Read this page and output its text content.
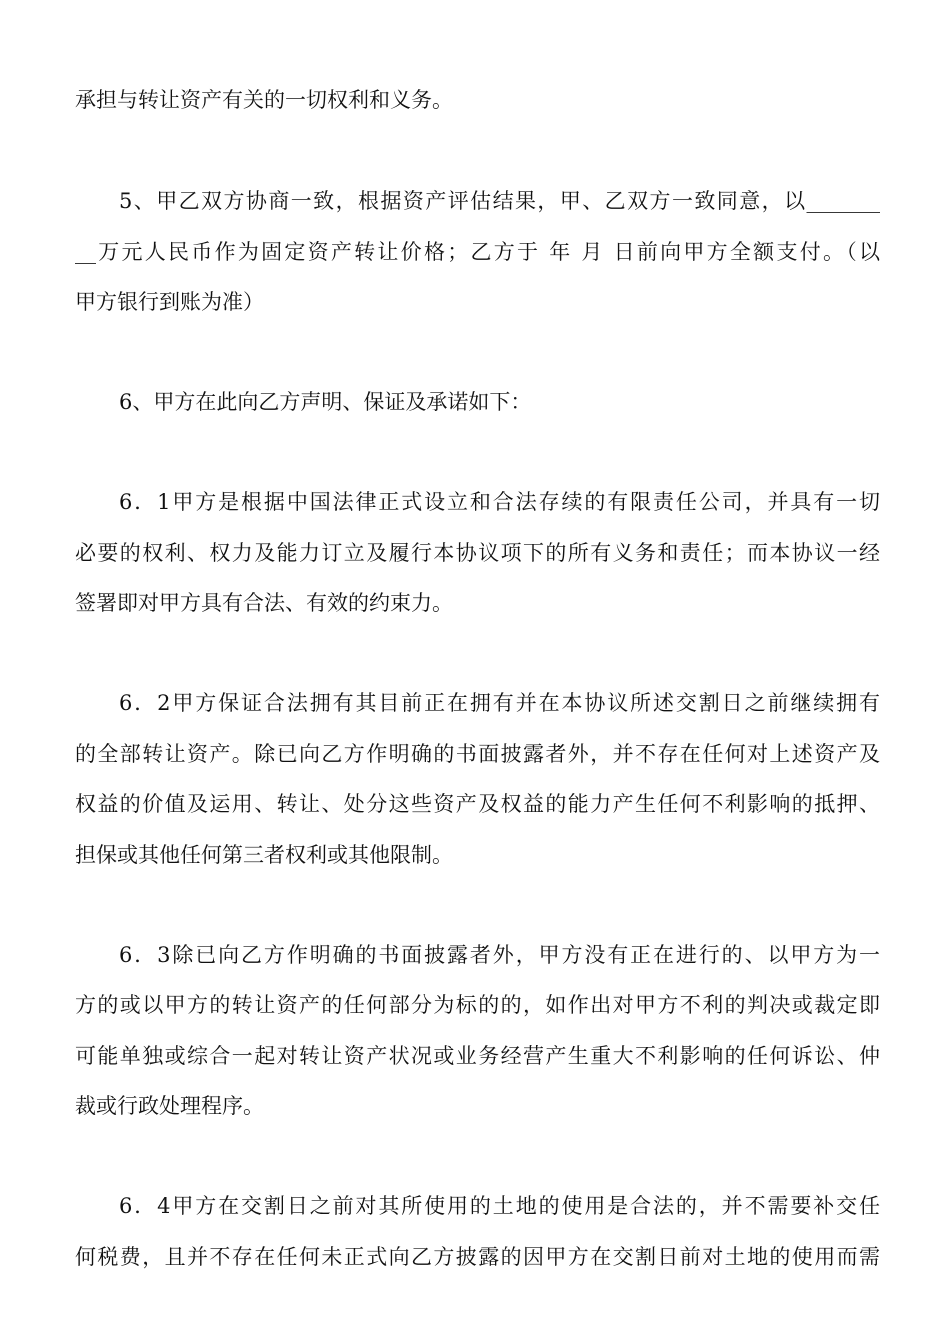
承担与转让资产有关的一切权利和义务。
5、甲乙双方协商一致，根据资产评估结果，甲、乙双方一致同意，以_______
__万元人民币作为固定资产转让价格；乙方于 年 月 日前向甲方全额支付。（以
甲方银行到账为准）
6、甲方在此向乙方声明、保证及承诺如下：
6．1甲方是根据中国法律正式设立和合法存续的有限责任公司，并具有一切
必要的权利、权力及能力订立及履行本协议项下的所有义务和责任；而本协议一经
签署即对甲方具有合法、有效的约束力。
6．2甲方保证合法拥有其目前正在拥有并在本协议所述交割日之前继续拥有
的全部转让资产。除已向乙方作明确的书面披露者外，并不存在任何对上述资产及
权益的价值及运用、转让、处分这些资产及权益的能力产生任何不利影响的抵押、
担保或其他任何第三者权利或其他限制。
6．3除已向乙方作明确的书面披露者外，甲方没有正在进行的、以甲方为一
方的或以甲方的转让资产的任何部分为标的的，如作出对甲方不利的判决或裁定即
可能单独或综合一起对转让资产状况或业务经营产生重大不利影响的任何诉讼、仲
裁或行政处理程序。
6．4甲方在交割日之前对其所使用的土地的使用是合法的，并不需要补交任
何税费，且并不存在任何未正式向乙方披露的因甲方在交割日前对土地的使用而需
